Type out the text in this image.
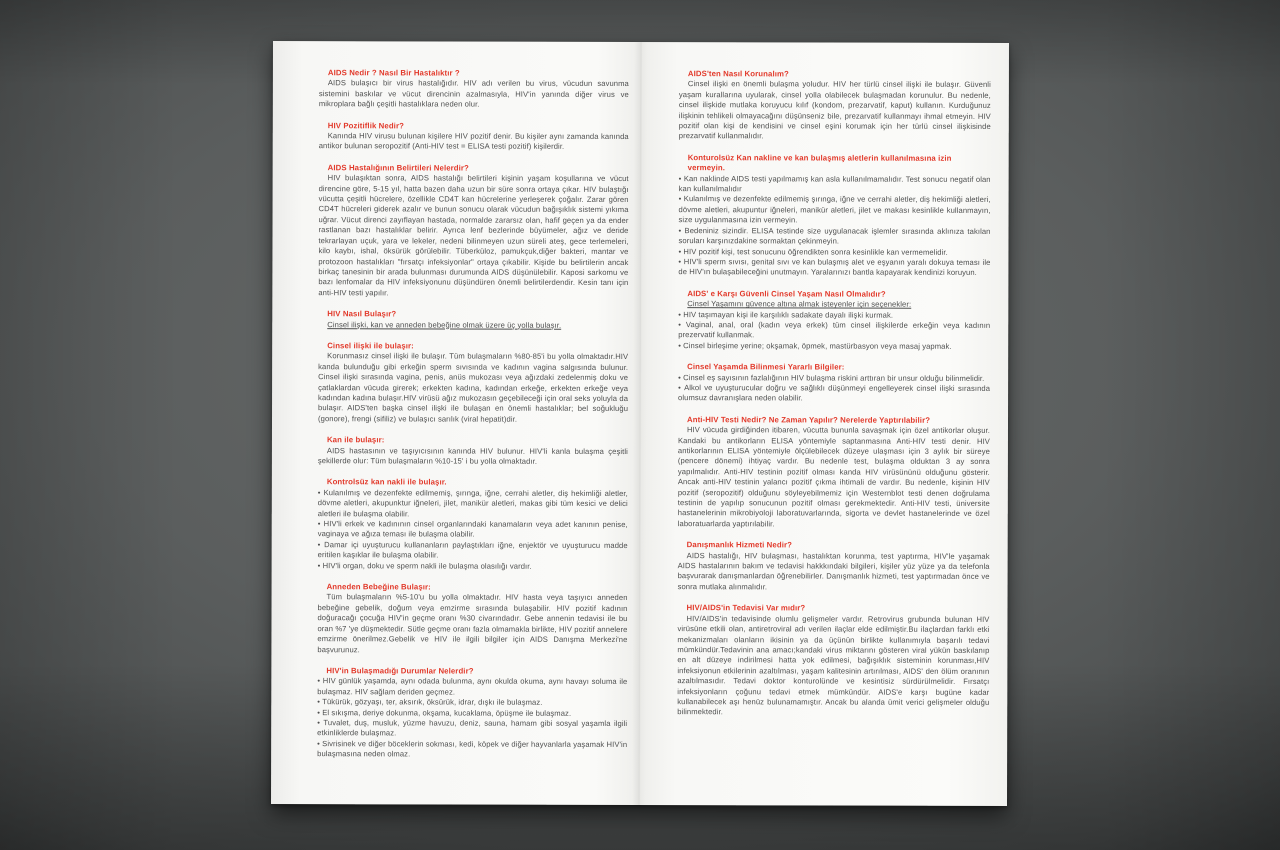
AIDS Nedir ? Nasıl Bir Hastalıktır ?
AIDS bulaşıcı bir virus hastalığıdır. HIV adı verilen bu virus, vücudun savunma sistemini baskılar ve vücut direncinin azalmasıyla, HIV'in yanında diğer virus ve mikroplara bağlı çeşitli hastalıklara neden olur.
HIV Pozitiflik Nedir?
Kanında HIV virusu bulunan kişilere HIV pozitif denir. Bu kişiler aynı zamanda kanında antikor bulunan seropozitif (Anti-HIV test = ELISA testi pozitif) kişilerdir.
AIDS Hastalığının Belirtileri Nelerdir?
HIV bulaşıktan sonra, AIDS hastalığı belirtileri kişinin yaşam koşullarına ve vücut direncine göre, 5-15 yıl, hatta bazen daha uzun bir süre sonra ortaya çıkar. HIV bulaştığı vücutta çeşitli hücrelere, özellikle CD4T kan hücrelerine yerleşerek çoğalır. Zarar gören CD4T hücreleri giderek azalır ve bunun sonucu olarak vücudun bağışıklık sistemi yıkıma uğrar. Vücut direnci zayıflayan hastada, normalde zararsız olan, hafif geçen ya da ender rastlanan bazı hastalıklar belirir. Ayrıca lenf bezlerinde büyümeler, ağız ve deride tekrarlayan uçuk, yara ve lekeler, nedeni bilinmeyen uzun süreli ateş, gece terlemeleri, kilo kaybı, ishal, öksürük görülebilir. Tüberküloz, pamukçuk,diğer bakteri, mantar ve protozoon hastalıkları "fırsatçı infeksiyonlar" ortaya çıkabilir. Kişide bu belirtilerin ancak birkaç tanesinin bir arada bulunması durumunda AIDS düşünülebilir. Kaposi sarkomu ve bazı lenfomalar da HIV infeksiyonunu düşündüren önemli belirtilerdendir. Kesin tanı için anti-HIV testi yapılır.
HIV Nasıl Bulaşır?
Cinsel ilişki, kan ve anneden bebeğine olmak üzere üç yolla bulaşır.
Cinsel ilişki ile bulaşır:
Korunmasız cinsel ilişki ile bulaşır. Tüm bulaşmaların %80-85'i bu yolla olmaktadır.HIV kanda bulunduğu gibi erkeğin sperm sıvısında ve kadının vagina salgısında bulunur. Cinsel ilişki sırasında vagina, penis, anüs mukozası veya ağızdaki zedelenmiş doku ve çatlaklardan vücuda girerek; erkekten kadına, kadından erkeğe, erkekten erkeğe veya kadından kadına bulaşır.HIV virüsü ağız mukozasın geçebileceği için oral seks yoluyla da bulaşır. AIDS'ten başka cinsel ilişki ile bulaşan en önemli hastalıklar; bel soğukluğu (gonore), frengi (sifiliz) ve bulaşıcı sarılık (viral hepatit)dir.
Kan ile bulaşır:
AIDS hastasının ve taşıyıcısının kanında HIV bulunur. HIV'li kanla bulaşma çeşitli şekillerde olur: Tüm bulaşmaların %10-15' i bu yolla olmaktadır.
Kontrolsüz kan nakli ile bulaşır.
• Kulanılmış ve dezenfekte edilmemiş, şırınga, iğne, cerrahi aletler, diş hekimliği aletler, dövme aletleri, akupunktur iğneleri, jilet, manikür aletleri, makas gibi tüm kesici ve delici aletleri ile bulaşma olabilir.
• HIV'li erkek ve kadınının cinsel organlarındaki kanamaların veya adet kanının penise, vaginaya ve ağıza teması ile bulaşma olabilir.
• Damar içi uyuşturucu kullananların paylaştıkları iğne, enjektör ve uyuşturucu madde eritilen kaşıklar ile bulaşma olabilir.
• HIV'li organ, doku ve sperm nakli ile bulaşma olasılığı vardır.
Anneden Bebeğine Bulaşır:
Tüm bulaşmaların %5-10'u bu yolla olmaktadır. HIV hasta veya taşıyıcı anneden bebeğine gebelik, doğum veya emzirme sırasında bulaşabilir. HIV pozitif kadının doğuracağı çocuğa HIV'in geçme oranı %30 civarındadır. Gebe annenin tedavisi ile bu oran %7 'ye düşmektedir. Sütle geçme oranı fazla olmamakla birlikte, HIV pozitif annelere emzirme önerilmez.Gebelik ve HIV ile ilgili bilgiler için AIDS Danışma Merkezi'ne başvurunuz.
HIV'in Bulaşmadığı Durumlar Nelerdir?
• HIV günlük yaşamda, aynı odada bulunma, aynı okulda okuma, aynı havayı soluma ile bulaşmaz. HIV sağlam deriden geçmez.
• Tükürük, gözyaşı, ter, aksırık, öksürük, idrar, dışkı ile bulaşmaz.
• El sıkışma, deriye dokunma, okşama, kucaklama, öpüşme ile bulaşmaz.
• Tuvalet, duş, musluk, yüzme havuzu, deniz, sauna, hamam gibi sosyal yaşamla ilgili etkinliklerde bulaşmaz.
• Sivrisinek ve diğer böceklerin sokması, kedi, köpek ve diğer hayvanlarla yaşamak HIV'in bulaşmasına neden olmaz.
AIDS'ten Nasıl Korunalım?
Cinsel ilişki en önemli bulaşma yoludur. HIV her türlü cinsel ilişki ile bulaşır. Güvenli yaşam kurallarına uyularak, cinsel yolla olabilecek bulaşmadan korunulur. Bu nedenle, cinsel ilişkide mutlaka koruyucu kılıf (kondom, prezarvatif, kaput) kullanın. Kurduğunuz ilişkinin tehlikeli olmayacağını düşünseniz bile, prezarvatif kullanmayı ihmal etmeyin. HIV pozitif olan kişi de kendisini ve cinsel eşini korumak için her türlü cinsel ilişkisinde prezarvatif kullanmalıdır.
Konturolsüz Kan nakline ve kan bulaşmış aletlerin kullanılmasına izin vermeyin.
• Kan naklinde AIDS testi yapılmamış kan asla kullanılmamalıdır. Test sonucu negatif olan kan kullanılmalıdır
• Kulanılmış ve dezenfekte edilmemiş şırınga, iğne ve cerrahi aletler, diş hekimliği aletleri, dövme aletleri, akupuntur iğneleri, manikür aletleri, jilet ve makası kesinlikle kullanmayın, size uygulanmasına izin vermeyin.
• Bedeniniz sizindir. ELISA testinde size uygulanacak işlemler sırasında aklınıza takılan soruları karşınızdakine sormaktan çekinmeyin.
• HIV pozitif kişi, test sonucunu öğrendikten sonra kesinlikle kan vermemelidir.
• HIV'li sperm sıvısı, genital sıvı ve kan bulaşmış alet ve eşyanın yaralı dokuya teması ile de HIV'ın bulaşabileceğini unutmayın. Yaralarınızı bantla kapayarak kendinizi koruyun.
AIDS' e Karşı Güvenli Cinsel Yaşam Nasıl Olmalıdır?
Cinsel Yaşamını güvence altına almak isteyenler için seçenekler:
• HIV taşımayan kişi ile karşılıklı sadakate dayalı ilişki kurmak.
• Vaginal, anal, oral (kadın veya erkek) tüm cinsel ilişkilerde erkeğin veya kadının prezervatif kullanmak.
• Cinsel birleşime yerine; okşamak, öpmek, mastürbasyon veya masaj yapmak.
Cinsel Yaşamda Bilinmesi Yararlı Bilgiler:
• Cinsel eş sayısının fazlalığının HIV bulaşma riskini arttıran bir unsur olduğu bilinmelidir.
• Alkol ve uyuşturucular doğru ve sağlıklı düşünmeyi engelleyerek cinsel ilişki sırasında olumsuz davranışlara neden olabilir.
Anti-HIV Testi Nedir? Ne Zaman Yapılır? Nerelerde Yaptırılabilir?
HIV vücuda girdiğinden itibaren, vücutta bununla savaşmak için özel antikorlar oluşur. Kandaki bu antikorların ELISA yöntemiyle saptanmasına Anti-HIV testi denir. HIV antikorlarının ELISA yöntemiyle ölçülebilecek düzeye ulaşması için 3 aylık bir süreye (pencere dönemi) ihtiyaç vardır. Bu nedenle test, bulaşma olduktan 3 ay sonra yapılmalıdır. Anti-HIV testinin pozitif olması kanda HIV virüsününü olduğunu gösterir. Ancak anti-HIV testinin yalancı pozitif çıkma ihtimali de vardır. Bu nedenle, kişinin HIV pozitif (seropozitif) olduğunu söyleyebilmemiz için Westernblot testi denen doğrulama testinin de yapılıp sonucunun pozitif olması gerekmektedir. Anti-HIV testi, üniversite hastanelerinin mikrobiyoloji laboratuvarlarında, sigorta ve devlet hastanelerinde ve özel laboratuarlarda yaptırılabilir.
Danışmanlık Hizmeti Nedir?
AIDS hastalığı, HIV bulaşması, hastalıktan korunma, test yaptırma, HIV'le yaşamak AIDS hastalarının bakım ve tedavisi hakkkındaki bilgileri, kişiler yüz yüze ya da telefonla başvurarak danışmanlardan öğrenebilirler. Danışmanlık hizmeti, test yaptırmadan önce ve sonra mutlaka alınmalıdır.
HIV/AIDS'in Tedavisi Var mıdır?
HIV/AIDS'in tedavisinde olumlu gelişmeler vardır. Retrovirus grubunda bulunan HIV virüsüne etkili olan, antiretroviral adı verilen ilaçlar elde edilmiştir.Bu ilaçlardan farklı etki mekanizmaları olanların ikisinin ya da üçünün birlikte kullanımıyla başarılı tedavi mümkündür.Tedavinin ana amacı;kandaki virus miktarını gösteren viral yükün baskılanıp en alt düzeye indirilmesi hatta yok edilmesi, bağışıklık sisteminin korunması,HIV infeksiyonun etkilerinin azaltılması, yaşam kalitesinin artırılması, AIDS' den ölüm oranının azaltılmasıdır. Tedavi doktor konturolünde ve kesintisiz sürdürülmelidir. Fırsatçı infeksiyonların çoğunu tedavi etmek mümkündür. AIDS'e karşı bugüne kadar kullanabilecek aşı henüz bulunamamıştır. Ancak bu alanda ümit verici gelişmeler olduğu bilinmektedir.
